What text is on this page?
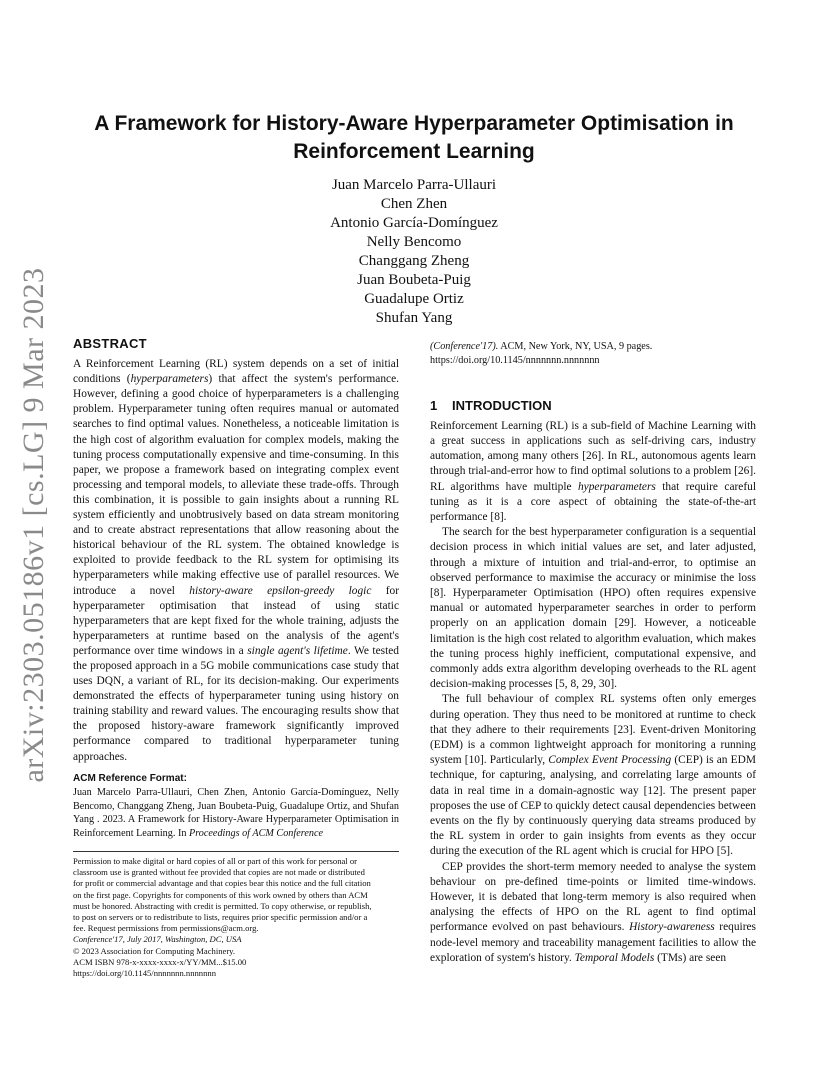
arXiv:2303.05186v1 [cs.LG] 9 Mar 2023
A Framework for History-Aware Hyperparameter Optimisation in Reinforcement Learning
Juan Marcelo Parra-Ullauri
Chen Zhen
Antonio García-Domínguez
Nelly Bencomo
Changgang Zheng
Juan Boubeta-Puig
Guadalupe Ortiz
Shufan Yang
ABSTRACT

A Reinforcement Learning (RL) system depends on a set of initial conditions (hyperparameters) that affect the system's performance. However, defining a good choice of hyperparameters is a challenging problem. Hyperparameter tuning often requires manual or automated searches to find optimal values. Nonetheless, a noticeable limitation is the high cost of algorithm evaluation for complex models, making the tuning process computationally expensive and time-consuming. In this paper, we propose a framework based on integrating complex event processing and temporal models, to alleviate these trade-offs. Through this combination, it is possible to gain insights about a running RL system efficiently and unobtrusively based on data stream monitoring and to create abstract representations that allow reasoning about the historical behaviour of the RL system. The obtained knowledge is exploited to provide feedback to the RL system for optimising its hyperparameters while making effective use of parallel resources. We introduce a novel history-aware epsilon-greedy logic for hyperparameter optimisation that instead of using static hyperparameters that are kept fixed for the whole training, adjusts the hyperparameters at runtime based on the analysis of the agent's performance over time windows in a single agent's lifetime. We tested the proposed approach in a 5G mobile communications case study that uses DQN, a variant of RL, for its decision-making. Our experiments demonstrated the effects of hyperparameter tuning using history on training stability and reward values. The encouraging results show that the proposed history-aware framework significantly improved performance compared to traditional hyperparameter tuning approaches.

ACM Reference Format:

Juan Marcelo Parra-Ullauri, Chen Zhen, Antonio García-Domínguez, Nelly Bencomo, Changgang Zheng, Juan Boubeta-Puig, Guadalupe Ortiz, and Shufan Yang . 2023. A Framework for History-Aware Hyperparameter Optimisation in Reinforcement Learning. In Proceedings of ACM Conference

Permission to make digital or hard copies of all or part of this work for personal or
classroom use is granted without fee provided that copies are not made or distributed
for profit or commercial advantage and that copies bear this notice and the full citation
on the first page. Copyrights for components of this work owned by others than ACM
must be honored. Abstracting with credit is permitted. To copy otherwise, or republish,
to post on servers or to redistribute to lists, requires prior specific permission and/or a
fee. Request permissions from permissions@acm.org.
Conference'17, July 2017, Washington, DC, USA
© 2023 Association for Computing Machinery.
ACM ISBN 978-x-xxxx-xxxx-x/YY/MM...$15.00
https://doi.org/10.1145/nnnnnnn.nnnnnnn

(Conference'17). ACM, New York, NY, USA, 9 pages. https://doi.org/10.1145/nnnnnnn.nnnnnnn

1 INTRODUCTION

Reinforcement Learning (RL) is a sub-field of Machine Learning with a great success in applications such as self-driving cars, industry automation, among many others [26]. In RL, autonomous agents learn through trial-and-error how to find optimal solutions to a problem [26]. RL algorithms have multiple hyperparameters that require careful tuning as it is a core aspect of obtaining the state-of-the-art performance [8].

The search for the best hyperparameter configuration is a sequential decision process in which initial values are set, and later adjusted, through a mixture of intuition and trial-and-error, to optimise an observed performance to maximise the accuracy or minimise the loss [8]. Hyperparameter Optimisation (HPO) often requires expensive manual or automated hyperparameter searches in order to perform properly on an application domain [29]. However, a noticeable limitation is the high cost related to algorithm evaluation, which makes the tuning process highly inefficient, computational expensive, and commonly adds extra algorithm developing overheads to the RL agent decision-making processes [5, 8, 29, 30].

The full behaviour of complex RL systems often only emerges during operation. They thus need to be monitored at runtime to check that they adhere to their requirements [23]. Event-driven Monitoring (EDM) is a common lightweight approach for monitoring a running system [10]. Particularly, Complex Event Processing (CEP) is an EDM technique, for capturing, analysing, and correlating large amounts of data in real time in a domain-agnostic way [12]. The present paper proposes the use of CEP to quickly detect causal dependencies between events on the fly by continuously querying data streams produced by the RL system in order to gain insights from events as they occur during the execution of the RL agent which is crucial for HPO [5].

CEP provides the short-term memory needed to analyse the system behaviour on pre-defined time-points or limited time-windows. However, it is debated that long-term memory is also required when analysing the effects of HPO on the RL agent to find optimal performance evolved on past behaviours. History-awareness requires node-level memory and traceability management facilities to allow the exploration of system's history. Temporal Models (TMs) are seen
